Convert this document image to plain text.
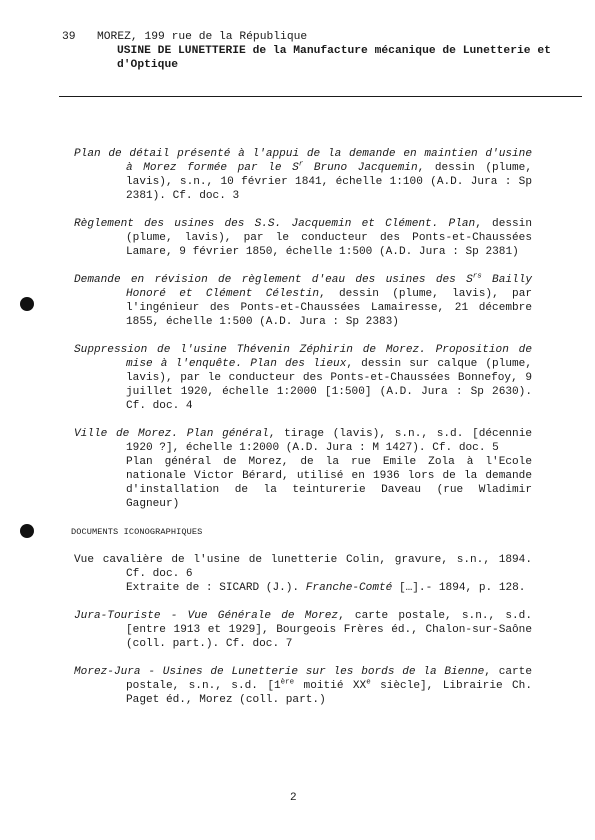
39 MOREZ, 199 rue de la République
USINE DE LUNETTERIE de la Manufacture mécanique de Lunetterie et d'Optique

Plan de détail présenté à l'appui de la demande en maintien d'usine à Morez formée par le $S^r$ Bruno Jacquemin, dessin (plume, lavis), s.n., 10 février 1841, échelle 1:100 (A.D. Jura : Sp 2381). Cf. doc. 3

Règlement des usines des S.S. Jacquemin et Clément. Plan, dessin (plume, lavis), par le conducteur des Ponts-et-Chaussées Lamare, 9 février 1850, échelle 1:500 (A.D. Jura : Sp 2381)

Demande en révision de règlement d'eau des usines des $S^{rs}$ Bailly Honoré et Clément Célestin, dessin (plume, lavis), par l'ingénieur des Ponts-et-Chaussées Lamairesse, 21 décembre 1855, échelle 1:500 (A.D. Jura : Sp 2383)

Suppression de l'usine Thévenin Zéphirin de Morez. Proposition de mise à l'enquête. Plan des lieux, dessin sur calque (plume, lavis), par le conducteur des Ponts-et-Chaussées Bonnefoy, 9 juillet 1920, échelle 1:2000 [1:500] (A.D. Jura : Sp 2630). Cf. doc. 4

Ville de Morez. Plan général, tirage (lavis), s.n., s.d. [décennie 1920 ?], échelle 1:2000 (A.D. Jura : M 1427). Cf. doc. 5
Plan général de Morez, de la rue Emile Zola à l'Ecole nationale Victor Bérard, utilisé en 1936 lors de la demande d'installation de la teinturerie Daveau (rue Wladimir Gagneur)

DOCUMENTS ICONOGRAPHIQUES

Vue cavalière de l'usine de lunetterie Colin, gravure, s.n., 1894. Cf. doc. 6
Extraite de : SICARD (J.). Franche-Comté […].- 1894, p. 128.

Jura-Touriste - Vue Générale de Morez, carte postale, s.n., s.d. [entre 1913 et 1929], Bourgeois Frères éd., Chalon-sur-Saône (coll. part.). Cf. doc. 7

Morez-Jura - Usines de Lunetterie sur les bords de la Bienne, carte postale, s.n., s.d. [1ère moitié XXe siècle], Librairie Ch. Paget éd., Morez (coll. part.)

2
